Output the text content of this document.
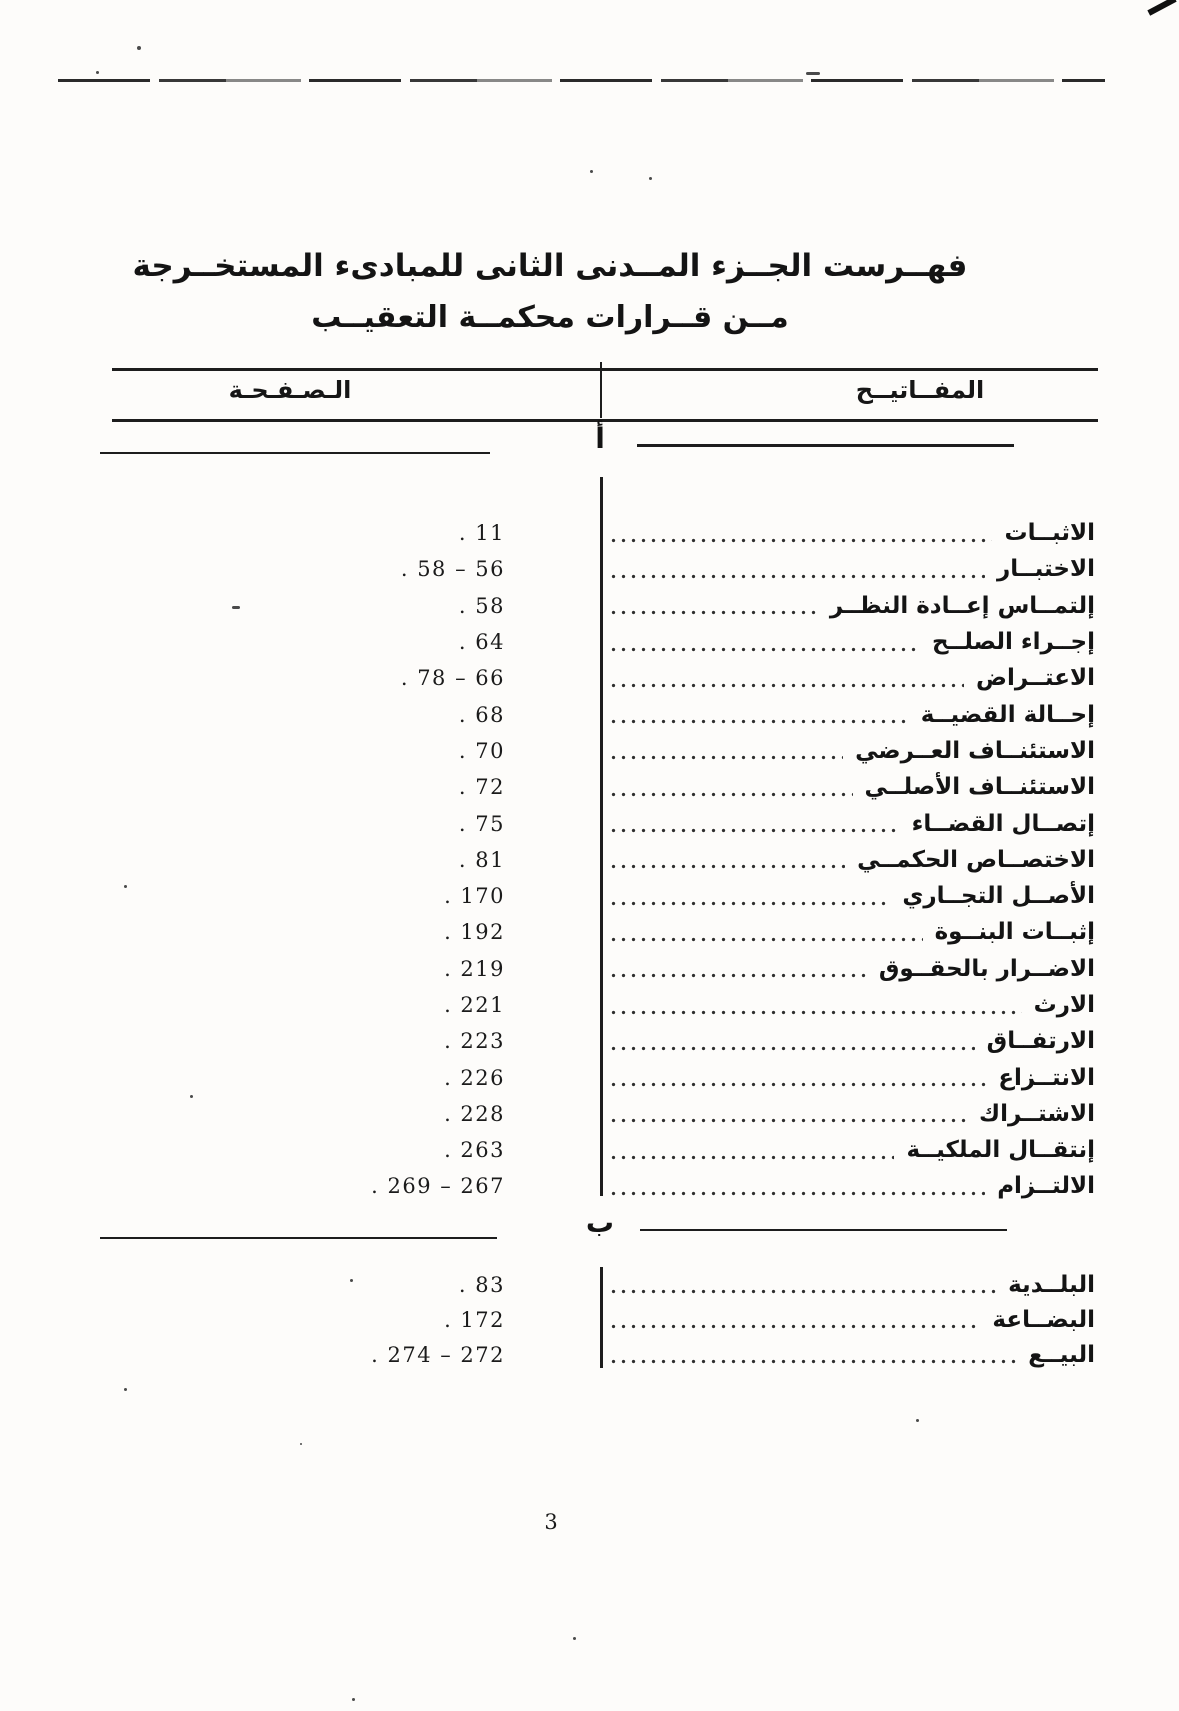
فهــرست الجــزء المــدنى الثانى للمبادىء المستخــرجة
مــن قــرارات محكمــة التعقيــب
المفــاتيــح
الـصـفـحـة
أ
. 11	الاثبــات
. 58 – 56	الاختبــار
. 58	إلتمــاس إعــادة النظــر
. 64	إجــراء الصلــح
. 78 – 66	الاعتــراض
. 68	إحــالة القضيــة
. 70	الاستئنــاف العــرضي
. 72	الاستئنــاف الأصلــي
. 75	إتصــال القضــاء
. 81	الاختصــاص الحكمــي
. 170	الأصــل التجــاري
. 192	إثبــات البنــوة
. 219	الاضــرار بالحقــوق
. 221	الارث
. 223	الارتفــاق
. 226	الانتــزاع
. 228	الاشتــراك
. 263	إنتقــال الملكيــة
. 269 – 267	الالتــزام
ب
. 83	البلــدية
. 172	البضــاعة
. 274 – 272	البيــع
3
